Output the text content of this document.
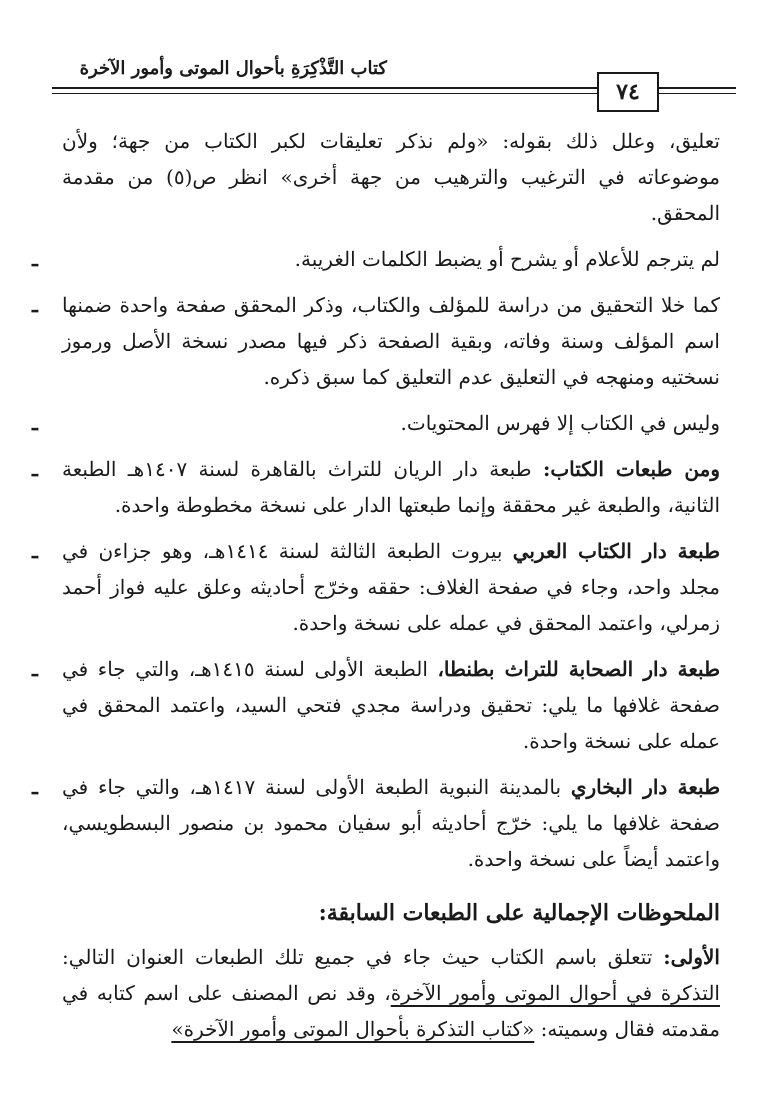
كتاب التَّذْكِرَةِ بأحوال الموتى وأمور الآخرة
٧٤

تعليق، وعلل ذلك بقوله: «ولم نذكر تعليقات لكبر الكتاب من جهة؛ ولأن موضوعاته في الترغيب والترهيب من جهة أخرى» انظر ص(٥) من مقدمة المحقق.

ـ	لم يترجم للأعلام أو يشرح أو يضبط الكلمات الغريبة.
ـ كما خلا التحقيق من دراسة للمؤلف والكتاب، وذكر المحقق صفحة واحدة ضمنها اسم المؤلف وسنة وفاته، وبقية الصفحة ذكر فيها مصدر نسخة الأصل ورموز نسختيه ومنهجه في التعليق عدم التعليق كما سبق ذكره.
ـ	وليس في الكتاب إلا فهرس المحتويات.
ـ	ومن طبعات الكتاب: طبعة دار الريان للتراث بالقاهرة لسنة ١٤٠٧هـ الطبعة الثانية، والطبعة غير محققة وإنما طبعتها الدار على نسخة مخطوطة واحدة.
ـ	طبعة دار الكتاب العربي بيروت الطبعة الثالثة لسنة ١٤١٤هـ، وهو جزاءن في مجلد واحد، وجاء في صفحة الغلاف: حققه وخرّج أحاديثه وعلق عليه فواز أحمد زمرلي، واعتمد المحقق في عمله على نسخة واحدة.
ـ	طبعة دار الصحابة للتراث بطنطا، الطبعة الأولى لسنة ١٤١٥هـ، والتي جاء في صفحة غلافها ما يلي: تحقيق ودراسة مجدي فتحي السيد، واعتمد المحقق في عمله على نسخة واحدة.
ـ	طبعة دار البخاري بالمدينة النبوية الطبعة الأولى لسنة ١٤١٧هـ، والتي جاء في صفحة غلافها ما يلي: خرّج أحاديثه أبو سفيان محمود بن منصور البسطويسي، واعتمد أيضاً على نسخة واحدة.
الملحوظات الإجمالية على الطبعات السابقة:

الأولى: تتعلق باسم الكتاب حيث جاء في جميع تلك الطبعات العنوان التالي: التذكرة في أحوال الموتى وأمور الآخرة، وقد نص المصنف على اسم كتابه في مقدمته فقال وسميته: «كتاب التذكرة بأحوال الموتى وأمور الآخرة»
